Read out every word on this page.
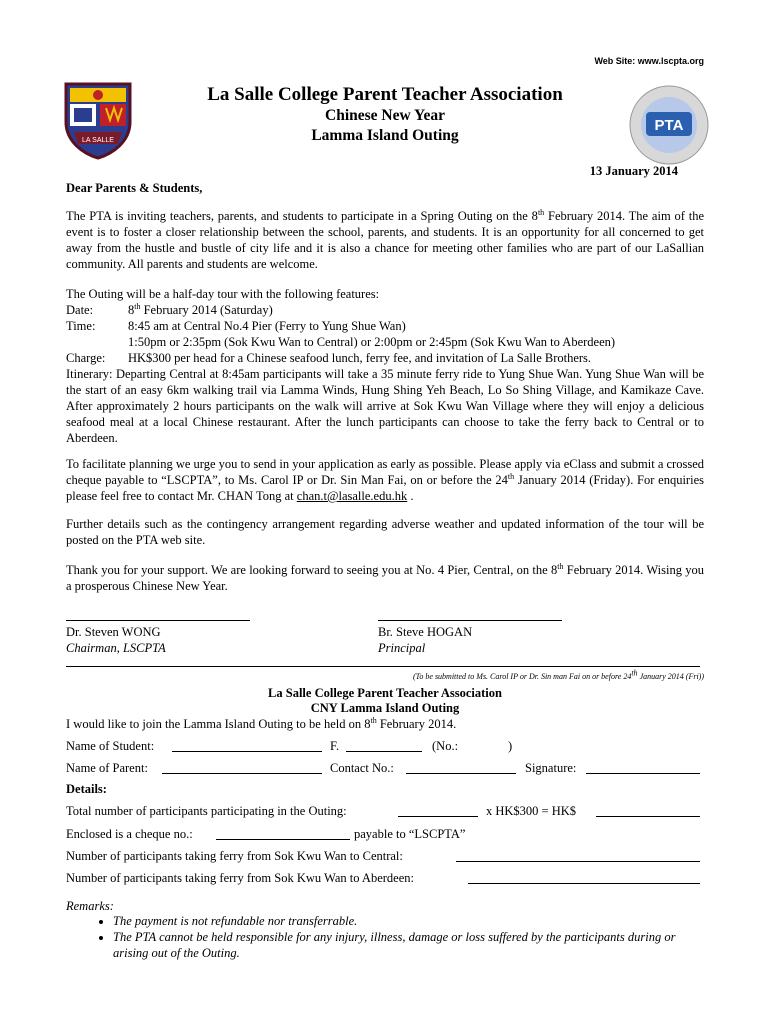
Web Site: www.lscpta.org
LA SALLE
La Salle College Parent Teacher Association
Chinese New Year
Lamma Island Outing
PTA
13 January 2014
Dear Parents & Students,
The PTA is inviting teachers, parents, and students to participate in a Spring Outing on the 8th February 2014. The aim of the event is to foster a closer relationship between the school, parents, and students. It is an opportunity for all concerned to get away from the hustle and bustle of city life and it is also a chance for meeting other families who are part of our LaSallian community. All parents and students are welcome.
The Outing will be a half-day tour with the following features:
Date:	8th February 2014 (Saturday)
Time:	8:45 am at Central No.4 Pier (Ferry to Yung Shue Wan)
1:50pm or 2:35pm (Sok Kwu Wan to Central) or 2:00pm or 2:45pm (Sok Kwu Wan to Aberdeen)
Charge: HK$300 per head for a Chinese seafood lunch, ferry fee, and invitation of La Salle Brothers.
Itinerary: Departing Central at 8:45am participants will take a 35 minute ferry ride to Yung Shue Wan. Yung Shue Wan will be the start of an easy 6km walking trail via Lamma Winds, Hung Shing Yeh Beach, Lo So Shing Village, and Kamikaze Cave. After approximately 2 hours participants on the walk will arrive at Sok Kwu Wan Village where they will enjoy a delicious seafood meal at a local Chinese restaurant. After the lunch participants can choose to take the ferry back to Central or to Aberdeen.
To facilitate planning we urge you to send in your application as early as possible. Please apply via eClass and submit a crossed cheque payable to “LSCPTA”, to Ms. Carol IP or Dr. Sin Man Fai, on or before the 24th January 2014 (Friday). For enquiries please feel free to contact Mr. CHAN Tong at chan.t@lasalle.edu.hk .
Further details such as the contingency arrangement regarding adverse weather and updated information of the tour will be posted on the PTA web site.
Thank you for your support. We are looking forward to seeing you at No. 4 Pier, Central, on the 8th February 2014. Wising you a prosperous Chinese New Year.
Dr. Steven WONG
Chairman, LSCPTA
Br. Steve HOGAN
Principal
(To be submitted to Ms. Carol IP or Dr. Sin man Fai on or before 24th January 2014 (Fri))
La Salle College Parent Teacher Association
CNY Lamma Island Outing
I would like to join the Lamma Island Outing to be held on 8th February 2014.
Name of Student:	F.	(No.:	)
Name of Parent:	Contact No.:	Signature:
Details:
Total number of participants participating in the Outing:	x HK$300 = HK$
Enclosed is a cheque no.:	payable to “LSCPTA”
Number of participants taking ferry from Sok Kwu Wan to Central:
Number of participants taking ferry from Sok Kwu Wan to Aberdeen:
Remarks:
• The payment is not refundable nor transferrable.
• The PTA cannot be held responsible for any injury, illness, damage or loss suffered by the participants during or arising out of the Outing.
